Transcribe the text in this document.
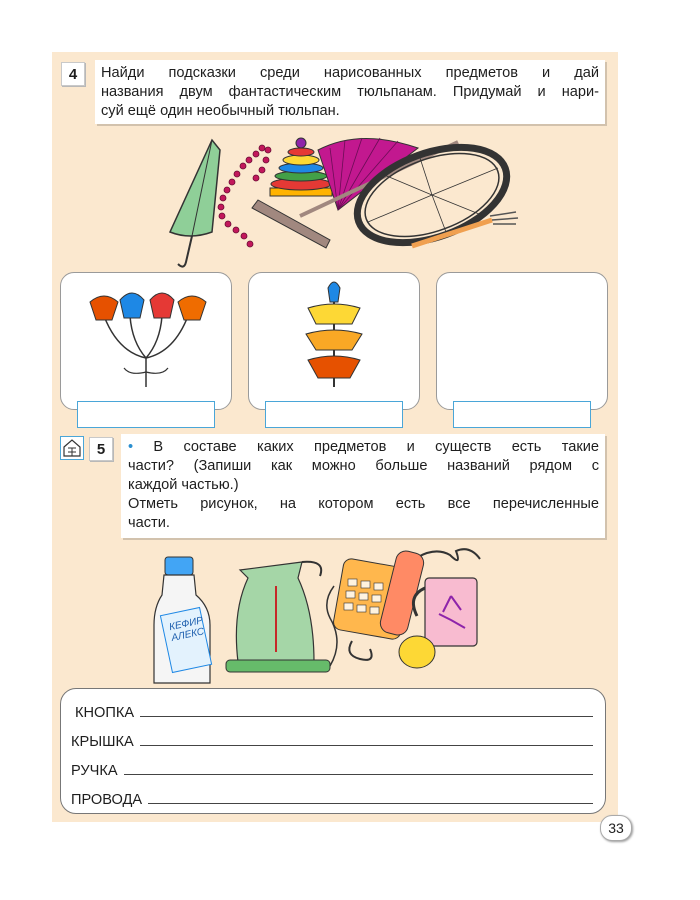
4	Найди подсказки среди нарисованных предметов и дай
названия двум фантастическим тюльпанам. Придумай и нари-
суй ещё один необычный тюльпан.
5	• В составе каких предметов и существ есть такие
части? (Запиши как можно больше названий рядом с
каждой частью.)
Отметь рисунок, на котором есть все перечисленные
части.
КЕФИР АЛЕКС
КНОПКА
КРЫШКА
РУЧКА
ПРОВОДА
33
